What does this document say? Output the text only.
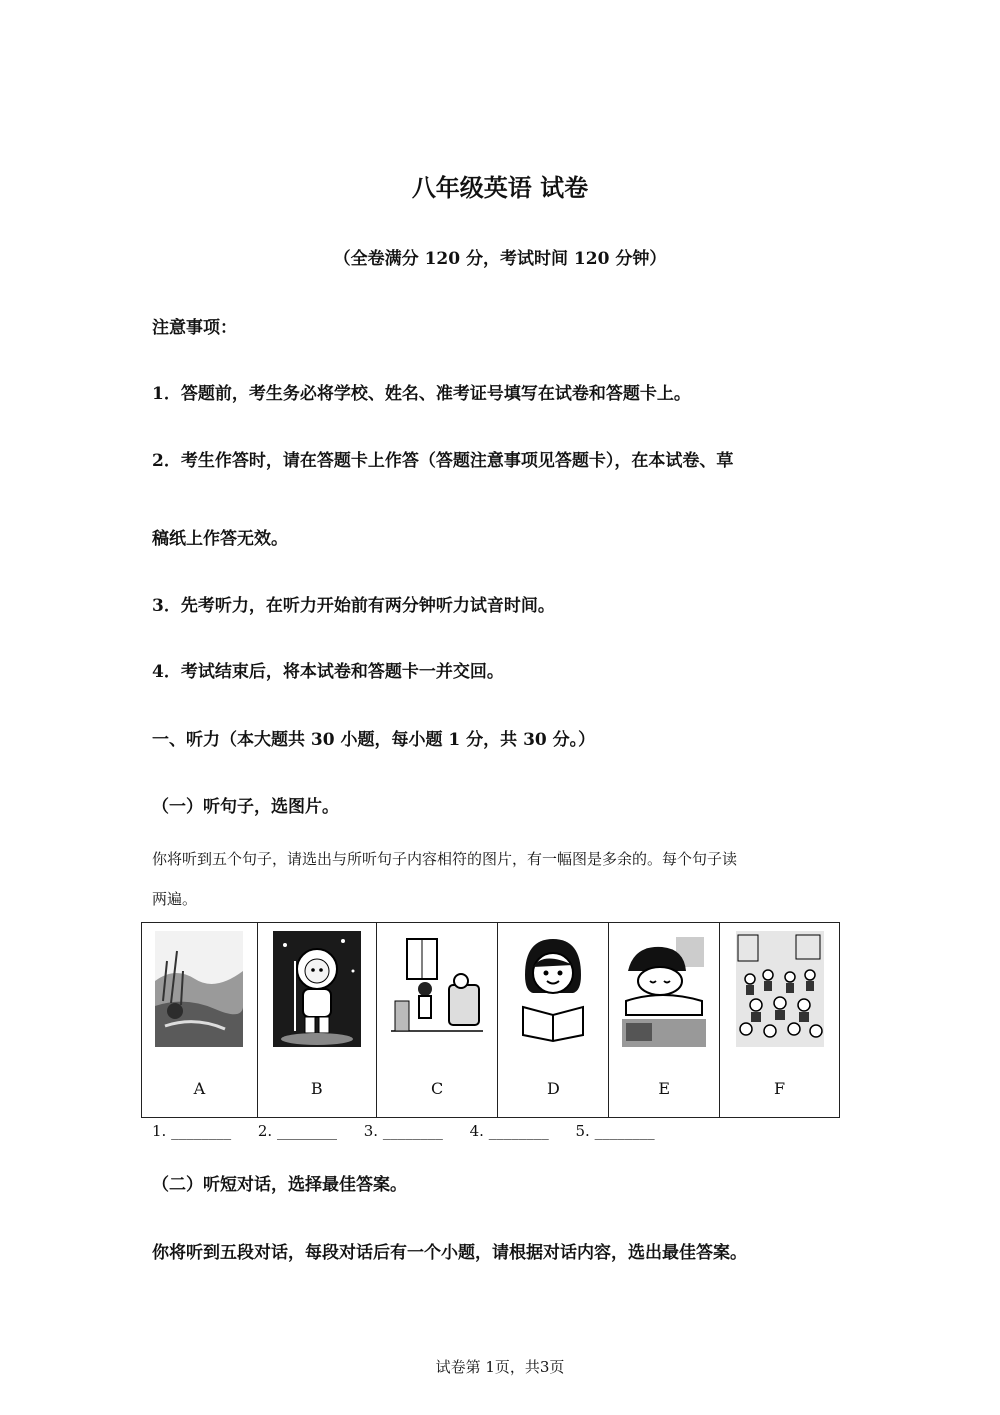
八年级英语 试卷
（全卷满分 120 分，考试时间 120 分钟）
注意事项：
1．答题前，考生务必将学校、姓名、准考证号填写在试卷和答题卡上。
2．考生作答时，请在答题卡上作答（答题注意事项见答题卡），在本试卷、草
稿纸上作答无效。
3．先考听力，在听力开始前有两分钟听力试音时间。
4．考试结束后，将本试卷和答题卡一并交回。
一、听力（本大题共 30 小题，每小题 1 分，共 30 分。）
（一）听句子，选图片。
你将听到五个句子，请选出与所听句子内容相符的图片，有一幅图是多余的。每个句子读
两遍。
A	B	C	D	E	F
1. ________ 2. ________ 3. ________ 4. ________ 5. ________
（二）听短对话，选择最佳答案。
你将听到五段对话，每段对话后有一个小题，请根据对话内容，选出最佳答案。
试卷第 1页，共3页
